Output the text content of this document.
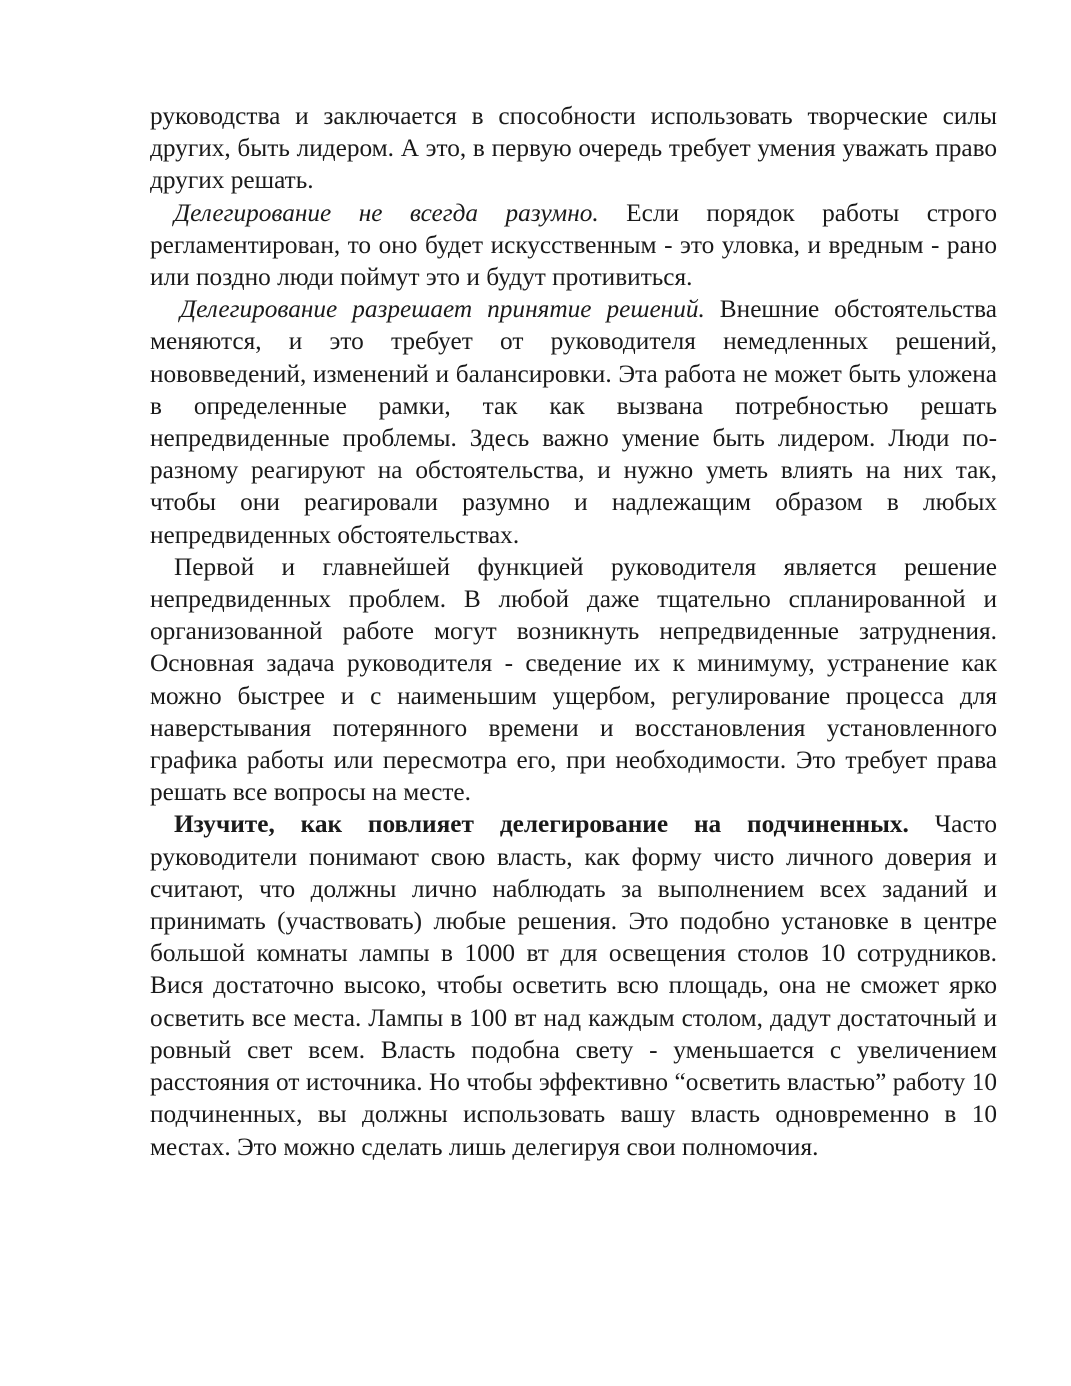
руководства и заключается в способности использовать творческие силы других, быть лидером. А это, в первую очередь требует умения уважать право других решать.

Делегирование не всегда разумно. Если порядок работы строго регламентирован, то оно будет искусственным - это уловка, и вредным - рано или поздно люди поймут это и будут противиться.

Делегирование разрешает принятие решений. Внешние обстоятельства меняются, и это требует от руководителя немедленных решений, нововведений, изменений и балансировки. Эта работа не может быть уложена в определенные рамки, так как вызвана потребностью решать непредвиденные проблемы. Здесь важно умение быть лидером. Люди по-разному реагируют на обстоятельства, и нужно уметь влиять на них так, чтобы они реагировали разумно и надлежащим образом в любых непредвиденных обстоятельствах.

Первой и главнейшей функцией руководителя является решение непредвиденных проблем. В любой даже тщательно спланированной и организованной работе могут возникнуть непредвиденные затруднения. Основная задача руководителя - сведение их к минимуму, устранение как можно быстрее и с наименьшим ущербом, регулирование процесса для наверстывания потерянного времени и восстановления установленного графика работы или пересмотра его, при необходимости. Это требует права решать все вопросы на месте.

Изучите, как повлияет делегирование на подчиненных. Часто руководители понимают свою власть, как форму чисто личного доверия и считают, что должны лично наблюдать за выполнением всех заданий и принимать (участвовать) любые решения. Это подобно установке в центре большой комнаты лампы в 1000 вт для освещения столов 10 сотрудников. Вися достаточно высоко, чтобы осветить всю площадь, она не сможет ярко осветить все места. Лампы в 100 вт над каждым столом, дадут достаточный и ровный свет всем. Власть подобна свету - уменьшается с увеличением расстояния от источника. Но чтобы эффективно “осветить властью” работу 10 подчиненных, вы должны использовать вашу власть одновременно в 10 местах. Это можно сделать лишь делегируя свои полномочия.
